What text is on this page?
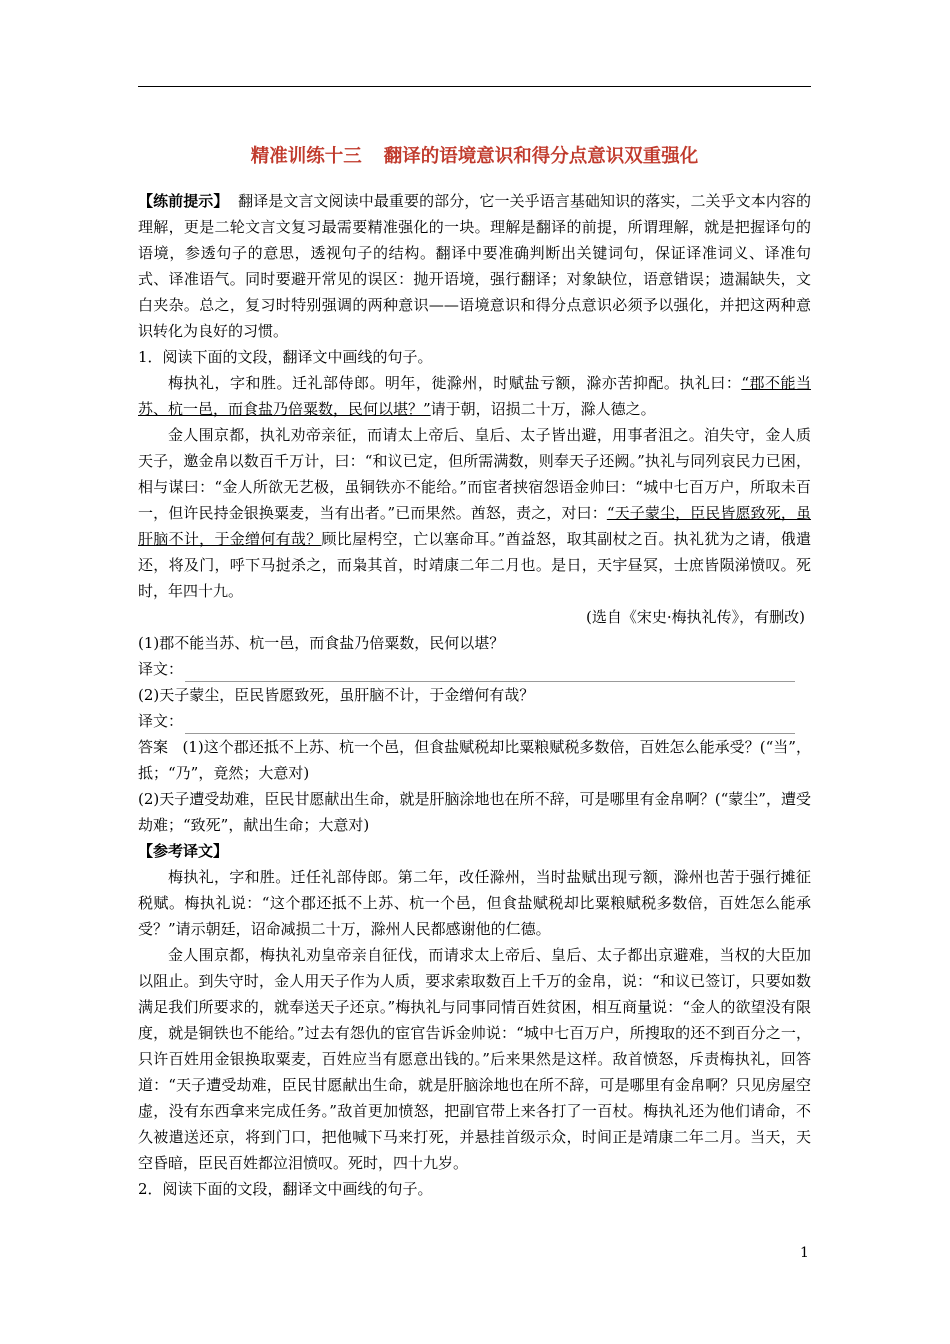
精准训练十三 翻译的语境意识和得分点意识双重强化

【练前提示】 翻译是文言文阅读中最重要的部分，它一关乎语言基础知识的落实，二关乎文本内容的理解，更是二轮文言文复习最需要精准强化的一块。理解是翻译的前提，所谓理解，就是把握译句的语境，参透句子的意思，透视句子的结构。翻译中要准确判断出关键词句，保证译准词义、译准句式、译准语气。同时要避开常见的误区：抛开语境，强行翻译；对象缺位，语意错误；遗漏缺失，文白夹杂。总之，复习时特别强调的两种意识——语境意识和得分点意识必须予以强化，并把这两种意识转化为良好的习惯。

1．阅读下面的文段，翻译文中画线的句子。

梅执礼，字和胜。迁礼部侍郎。明年，徙滁州，时赋盐亏额，滁亦苦抑配。执礼曰：“郡不能当苏、杭一邑，而食盐乃倍粟数，民何以堪？”请于朝，诏损二十万，滁人德之。

金人围京都，执礼劝帝亲征，而请太上帝后、皇后、太子皆出避，用事者沮之。洎失守，金人质天子，邀金帛以数百千万计，曰：“和议已定，但所需满数，则奉天子还阙。”执礼与同列哀民力已困，相与谋曰：“金人所欲无艺极，虽铜铁亦不能给。”而宦者挟宿怨语金帅曰：“城中七百万户，所取未百一，但许民持金银换粟麦，当有出者。”已而果然。酋怒，责之，对曰：“天子蒙尘，臣民皆愿致死，虽肝脑不计，于金缯何有哉？顾比屋枵空，亡以塞命耳。”酋益怒，取其副杖之百。执礼犹为之请，俄遣还，将及门，呼下马挝杀之，而枭其首，时靖康二年二月也。是日，天宇昼冥，士庶皆陨涕愤叹。死时，年四十九。

(选自《宋史·梅执礼传》，有删改)

(1)郡不能当苏、杭一邑，而食盐乃倍粟数，民何以堪？

译文：

(2)天子蒙尘，臣民皆愿致死，虽肝脑不计，于金缯何有哉？

译文：

答案 (1)这个郡还抵不上苏、杭一个邑，但食盐赋税却比粟粮赋税多数倍，百姓怎么能承受？(“当”，抵；“乃”，竟然；大意对)

(2)天子遭受劫难，臣民甘愿献出生命，就是肝脑涂地也在所不辞，可是哪里有金帛啊？(“蒙尘”，遭受劫难；“致死”，献出生命；大意对)

【参考译文】

梅执礼，字和胜。迁任礼部侍郎。第二年，改任滁州，当时盐赋出现亏额，滁州也苦于强行摊征税赋。梅执礼说：“这个郡还抵不上苏、杭一个邑，但食盐赋税却比粟粮赋税多数倍，百姓怎么能承受？”请示朝廷，诏命减损二十万，滁州人民都感谢他的仁德。

金人围京都，梅执礼劝皇帝亲自征伐，而请求太上帝后、皇后、太子都出京避难，当权的大臣加以阻止。到失守时，金人用天子作为人质，要求索取数百上千万的金帛，说：“和议已签订，只要如数满足我们所要求的，就奉送天子还京。”梅执礼与同事同情百姓贫困，相互商量说：“金人的欲望没有限度，就是铜铁也不能给。”过去有怨仇的宦官告诉金帅说：“城中七百万户，所搜取的还不到百分之一，只许百姓用金银换取粟麦，百姓应当有愿意出钱的。”后来果然是这样。敌首愤怒，斥责梅执礼，回答道：“天子遭受劫难，臣民甘愿献出生命，就是肝脑涂地也在所不辞，可是哪里有金帛啊？只见房屋空虚，没有东西拿来完成任务。”敌首更加愤怒，把副官带上来各打了一百杖。梅执礼还为他们请命，不久被遣送还京，将到门口，把他喊下马来打死，并悬挂首级示众，时间正是靖康二年二月。当天，天空昏暗，臣民百姓都泣泪愤叹。死时，四十九岁。

2．阅读下面的文段，翻译文中画线的句子。

1
